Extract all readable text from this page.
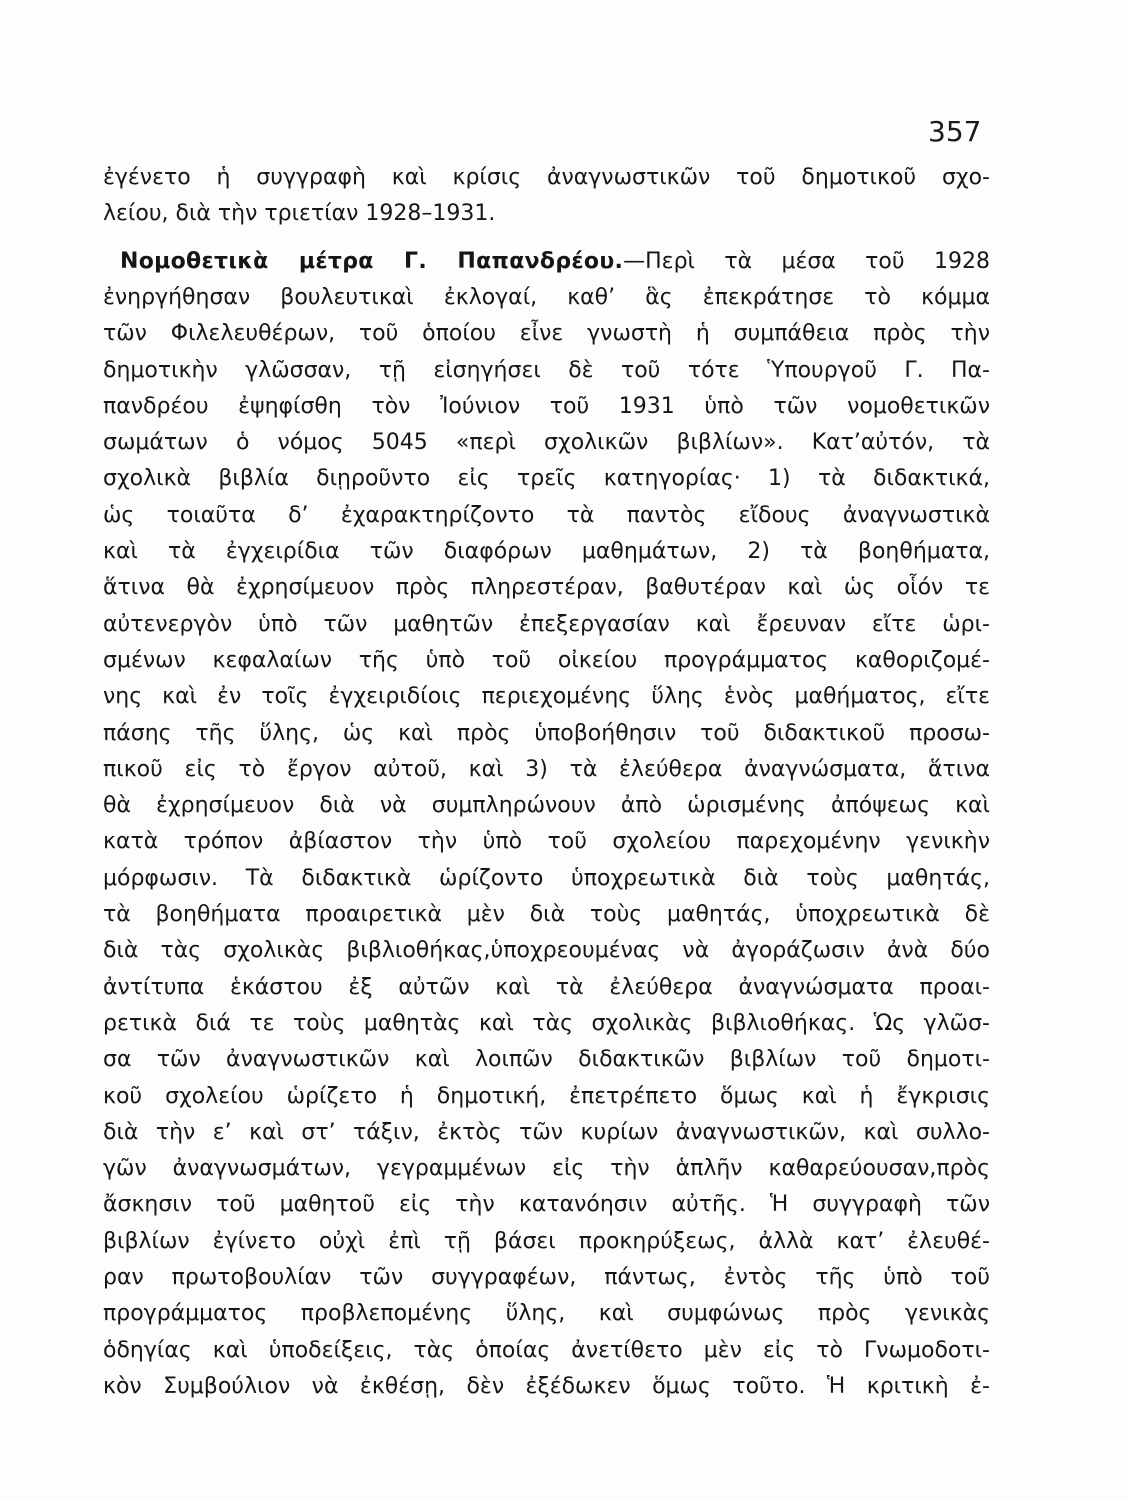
357
ἐγένετο ἡ συγγραφὴ καὶ κρίσις ἀναγνωστικῶν τοῦ δημοτικοῦ σχο-
λείου, διὰ τὴν τριετίαν 1928–1931.
Νομοθετικὰ μέτρα Γ. Παπανδρέου.—Περὶ τὰ μέσα τοῦ 1928
ἐνηργήθησαν βουλευτικαὶ ἐκλογαί, καθ’ ἃς ἐπεκράτησε τὸ κόμμα
τῶν Φιλελευθέρων, τοῦ ὁποίου εἶνε γνωστὴ ἡ συμπάθεια πρὸς τὴν
δημοτικὴν γλῶσσαν, τῇ εἰσηγήσει δὲ τοῦ τότε Ὑπουργοῦ Γ. Πα-
πανδρέου ἐψηφίσθη τὸν Ἰούνιον τοῦ 1931 ὑπὸ τῶν νομοθετικῶν
σωμάτων ὁ νόμος 5045 «περὶ σχολικῶν βιβλίων». Κατ’αὐτόν, τὰ
σχολικὰ βιβλία διῃροῦντο εἰς τρεῖς κατηγορίας· 1) τὰ διδακτικά,
ὡς τοιαῦτα δ’ ἐχαρακτηρίζοντο τὰ παντὸς εἴδους ἀναγνωστικὰ
καὶ τὰ ἐγχειρίδια τῶν διαφόρων μαθημάτων, 2) τὰ βοηθήματα,
ἅτινα θὰ ἐχρησίμευον πρὸς πληρεστέραν, βαθυτέραν καὶ ὡς οἷόν τε
αὐτενεργὸν ὑπὸ τῶν μαθητῶν ἐπεξεργασίαν καὶ ἔρευναν εἴτε ὡρι-
σμένων κεφαλαίων τῆς ὑπὸ τοῦ οἰκείου προγράμματος καθοριζομέ-
νης καὶ ἐν τοῖς ἐγχειριδίοις περιεχομένης ὕλης ἑνὸς μαθήματος, εἴτε
πάσης τῆς ὕλης, ὡς καὶ πρὸς ὑποβοήθησιν τοῦ διδακτικοῦ προσω-
πικοῦ εἰς τὸ ἔργον αὐτοῦ, καὶ 3) τὰ ἐλεύθερα ἀναγνώσματα, ἅτινα
θὰ ἐχρησίμευον διὰ νὰ συμπληρώνουν ἀπὸ ὡρισμένης ἀπόψεως καὶ
κατὰ τρόπον ἀβίαστον τὴν ὑπὸ τοῦ σχολείου παρεχομένην γενικὴν
μόρφωσιν. Τὰ διδακτικὰ ὡρίζοντο ὑποχρεωτικὰ διὰ τοὺς μαθητάς,
τὰ βοηθήματα προαιρετικὰ μὲν διὰ τοὺς μαθητάς, ὑποχρεωτικὰ δὲ
διὰ τὰς σχολικὰς βιβλιοθήκας,ὑποχρεουμένας νὰ ἀγοράζωσιν ἀνὰ δύο
ἀντίτυπα ἑκάστου ἐξ αὐτῶν καὶ τὰ ἐλεύθερα ἀναγνώσματα προαι-
ρετικὰ διά τε τοὺς μαθητὰς καὶ τὰς σχολικὰς βιβλιοθήκας. Ὡς γλῶσ-
σα τῶν ἀναγνωστικῶν καὶ λοιπῶν διδακτικῶν βιβλίων τοῦ δημοτι-
κοῦ σχολείου ὡρίζετο ἡ δημοτική, ἐπετρέπετο ὅμως καὶ ἡ ἔγκρισις
διὰ τὴν ε’ καὶ στ’ τάξιν, ἐκτὸς τῶν κυρίων ἀναγνωστικῶν, καὶ συλλο-
γῶν ἀναγνωσμάτων, γεγραμμένων εἰς τὴν ἁπλῆν καθαρεύουσαν,πρὸς
ἄσκησιν τοῦ μαθητοῦ εἰς τὴν κατανόησιν αὐτῆς. Ἡ συγγραφὴ τῶν
βιβλίων ἐγίνετο οὐχὶ ἐπὶ τῇ βάσει προκηρύξεως, ἀλλὰ κατ’ ἐλευθέ-
ραν πρωτοβουλίαν τῶν συγγραφέων, πάντως, ἐντὸς τῆς ὑπὸ τοῦ
προγράμματος προβλεπομένης ὕλης, καὶ συμφώνως πρὸς γενικὰς
ὁδηγίας καὶ ὑποδείξεις, τὰς ὁποίας ἀνετίθετο μὲν εἰς τὸ Γνωμοδοτι-
κὸν Συμβούλιον νὰ ἐκθέσῃ, δὲν ἐξέδωκεν ὅμως τοῦτο. Ἡ κριτικὴ ἐ-
